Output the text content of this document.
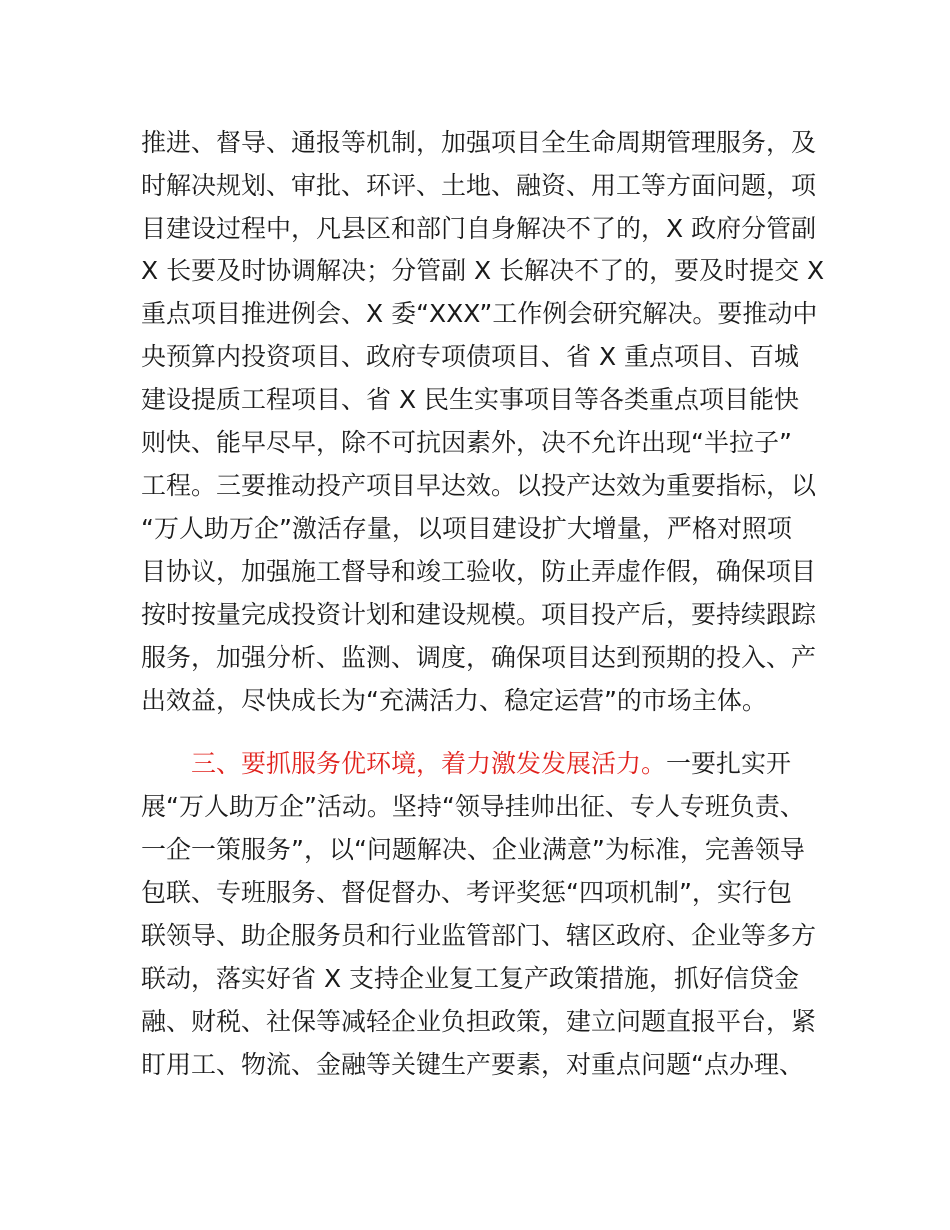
推进、督导、通报等机制，加强项目全生命周期管理服务，及
时解决规划、审批、环评、土地、融资、用工等方面问题，项
目建设过程中，凡县区和部门自身解决不了的，X 政府分管副
X 长要及时协调解决；分管副 X 长解决不了的，要及时提交 X
重点项目推进例会、X 委“XXX”工作例会研究解决。要推动中
央预算内投资项目、政府专项债项目、省 X 重点项目、百城
建设提质工程项目、省 X 民生实事项目等各类重点项目能快
则快、能早尽早，除不可抗因素外，决不允许出现“半拉子”
工程。三要推动投产项目早达效。以投产达效为重要指标，以
“万人助万企”激活存量，以项目建设扩大增量，严格对照项
目协议，加强施工督导和竣工验收，防止弄虚作假，确保项目
按时按量完成投资计划和建设规模。项目投产后，要持续跟踪
服务，加强分析、监测、调度，确保项目达到预期的投入、产
出效益，尽快成长为“充满活力、稳定运营”的市场主体。
三、要抓服务优环境，着力激发发展活力。一要扎实开
展“万人助万企”活动。坚持“领导挂帅出征、专人专班负责、
一企一策服务”，以“问题解决、企业满意”为标准，完善领导
包联、专班服务、督促督办、考评奖惩“四项机制”，实行包
联领导、助企服务员和行业监管部门、辖区政府、企业等多方
联动，落实好省 X 支持企业复工复产政策措施，抓好信贷金
融、财税、社保等减轻企业负担政策，建立问题直报平台，紧
盯用工、物流、金融等关键生产要素，对重点问题“点办理、
